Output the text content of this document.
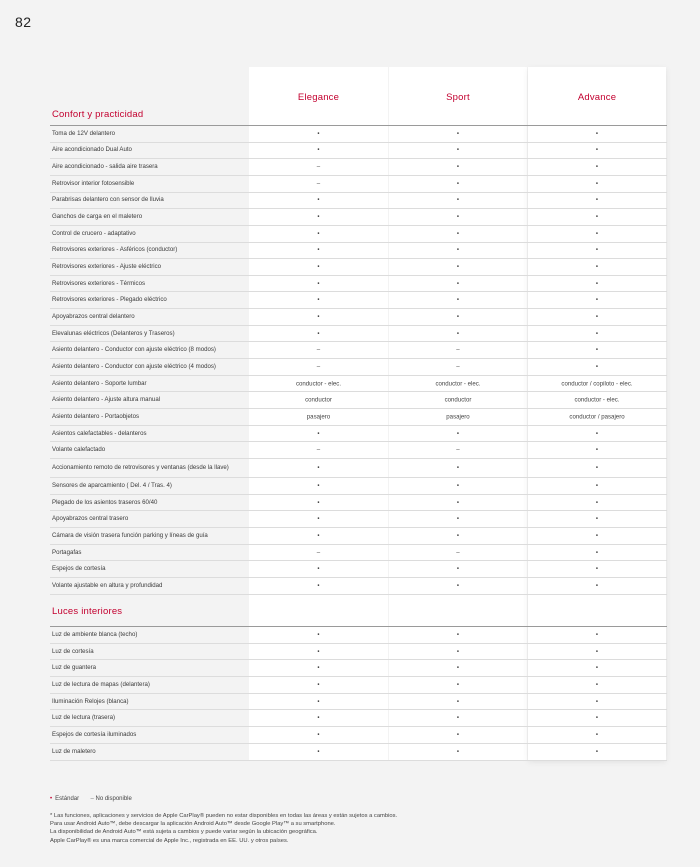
82
Elegance	Sport	Advance
Confort y practicidad
Toma de 12V delantero	•	•	•
Aire acondicionado Dual Auto	•	•	•
Aire acondicionado - salida aire trasera	–	•	•
Retrovisor interior fotosensible	–	•	•
Parabrisas delantero con sensor de lluvia	•	•	•
Ganchos de carga en el maletero	•	•	•
Control de crucero - adaptativo	•	•	•
Retrovisores exteriores - Asféricos (conductor)	•	•	•
Retrovisores exteriores - Ajuste eléctrico	•	•	•
Retrovisores exteriores - Térmicos	•	•	•
Retrovisores exteriores - Plegado eléctrico	•	•	•
Apoyabrazos central delantero	•	•	•
Elevalunas eléctricos (Delanteros y Traseros)	•	•	•
Asiento delantero - Conductor con ajuste eléctrico (8 modos)	–	–	•
Asiento delantero - Conductor con ajuste eléctrico (4 modos)	–	–	•
Asiento delantero - Soporte lumbar	conductor - elec.	conductor - elec.	conductor / copiloto - elec.
Asiento delantero - Ajuste altura manual	conductor	conductor	conductor - elec.
Asiento delantero - Portaobjetos	pasajero	pasajero	conductor / pasajero
Asientos calefactables - delanteros	•	•	•
Volante calefactado	–	–	•
Accionamiento remoto de retrovisores y ventanas (desde la llave)	•	•	•
Sensores de aparcamiento ( Del. 4 / Tras. 4)	•	•	•
Plegado de los asientos traseros 60/40	•	•	•
Apoyabrazos central trasero	•	•	•
Cámara de visión trasera función parking y líneas de guía	•	•	•
Portagafas	–	–	•
Espejos de cortesía	•	•	•
Volante ajustable en altura y profundidad	•	•	•
Luces interiores
Luz de ambiente blanca (techo)	•	•	•
Luz de cortesía	•	•	•
Luz de guantera	•	•	•
Luz de lectura de mapas (delantera)	•	•	•
Iluminación Relojes (blanca)	•	•	•
Luz de lectura (trasera)	•	•	•
Espejos de cortesía iluminados	•	•	•
Luz de maletero	•	•	•
• Estándar – No disponible
* Las funciones, aplicaciones y servicios de Apple CarPlay® pueden no estar disponibles en todas las áreas y están sujetos a cambios.
Para usar Android Auto™, debe descargar la aplicación Android Auto™ desde Google Play™ a su smartphone.
La disponibilidad de Android Auto™ está sujeta a cambios y puede variar según la ubicación geográfica.
Apple CarPlay® es una marca comercial de Apple Inc., registrada en EE. UU. y otros países.
